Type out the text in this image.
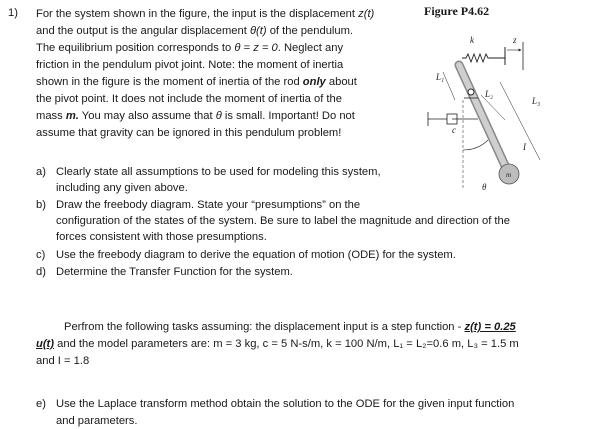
1) For the system shown in the figure, the input is the displacement z(t)
and the output is the angular displacement θ(t) of the pendulum.
The equilibrium position corresponds to θ = z = 0. Neglect any
friction in the pendulum pivot joint. Note: the moment of inertia
shown in the figure is the moment of inertia of the rod only about
the pivot point. It does not include the moment of inertia of the
mass m. You may also assume that θ is small. Important! Do not
assume that gravity can be ignored in this pendulum problem!
a) Clearly state all assumptions to be used for modeling this system,
including any given above.
b) Draw the freebody diagram. State your “presumptions” on the
configuration of the states of the system. Be sure to label the magnitude and direction of the
forces consistent with those presumptions.
c) Use the freebody diagram to derive the equation of motion (ODE) for the system.
d) Determine the Transfer Function for the system.
Perfrom the following tasks assuming: the displacement input is a step function - z(t) = 0.25
u(t) and the model parameters are: m = 3 kg, c = 5 N-s/m, k = 100 N/m, L₁ = L₂=0.6 m, L₃ = 1.5 m
and I = 1.8
e) Use the Laplace transform method obtain the solution to the ODE for the given input function
and parameters.
Figure P4.62
k	z
L₁
L₂
L₃
c
I
m
θ
